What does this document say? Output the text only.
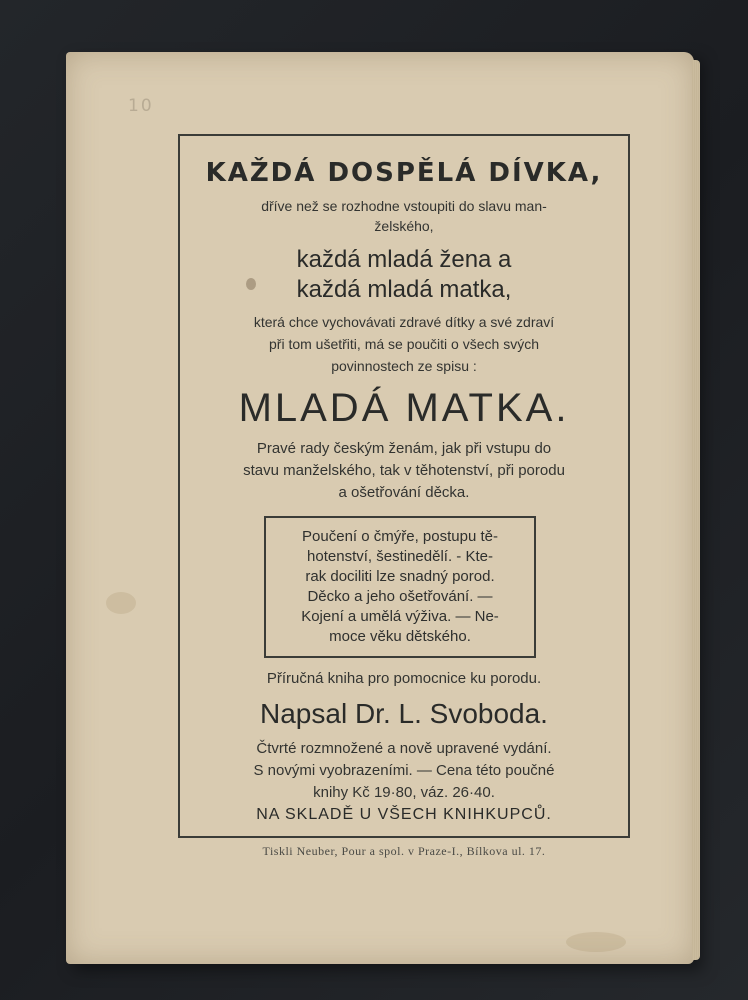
10
KAŽDÁ DOSPĚLÁ DÍVKA,
dříve než se rozhodne vstoupiti do slavu man-
želského,
každá mladá žena a
každá mladá matka,
která chce vychovávati zdravé dítky a své zdraví
při tom ušetřiti, má se poučiti o všech svých
povinnostech ze spisu :
MLADÁ MATKA.
Pravé rady českým ženám, jak při vstupu do
stavu manželského, tak v těhotenství, při porodu
a ošetřování děcka.
Poučení o čmýře, postupu tě-
hotenství, šestinedělí. - Kte-
rak dociliti lze snadný porod.
Děcko a jeho ošetřování. —
Kojení a umělá výživa. — Ne-
moce věku dětského.
Příručná kniha pro pomocnice ku porodu.
Napsal Dr. L. Svoboda.
Čtvrté rozmnožené a nově upravené vydání.
S novými vyobrazeními. — Cena této poučné
knihy Kč 19·80, váz. 26·40.
NA SKLADĚ U VŠECH KNIHKUPCŮ.
Tiskli Neuber, Pour a spol. v Praze-I., Bílkova ul. 17.
